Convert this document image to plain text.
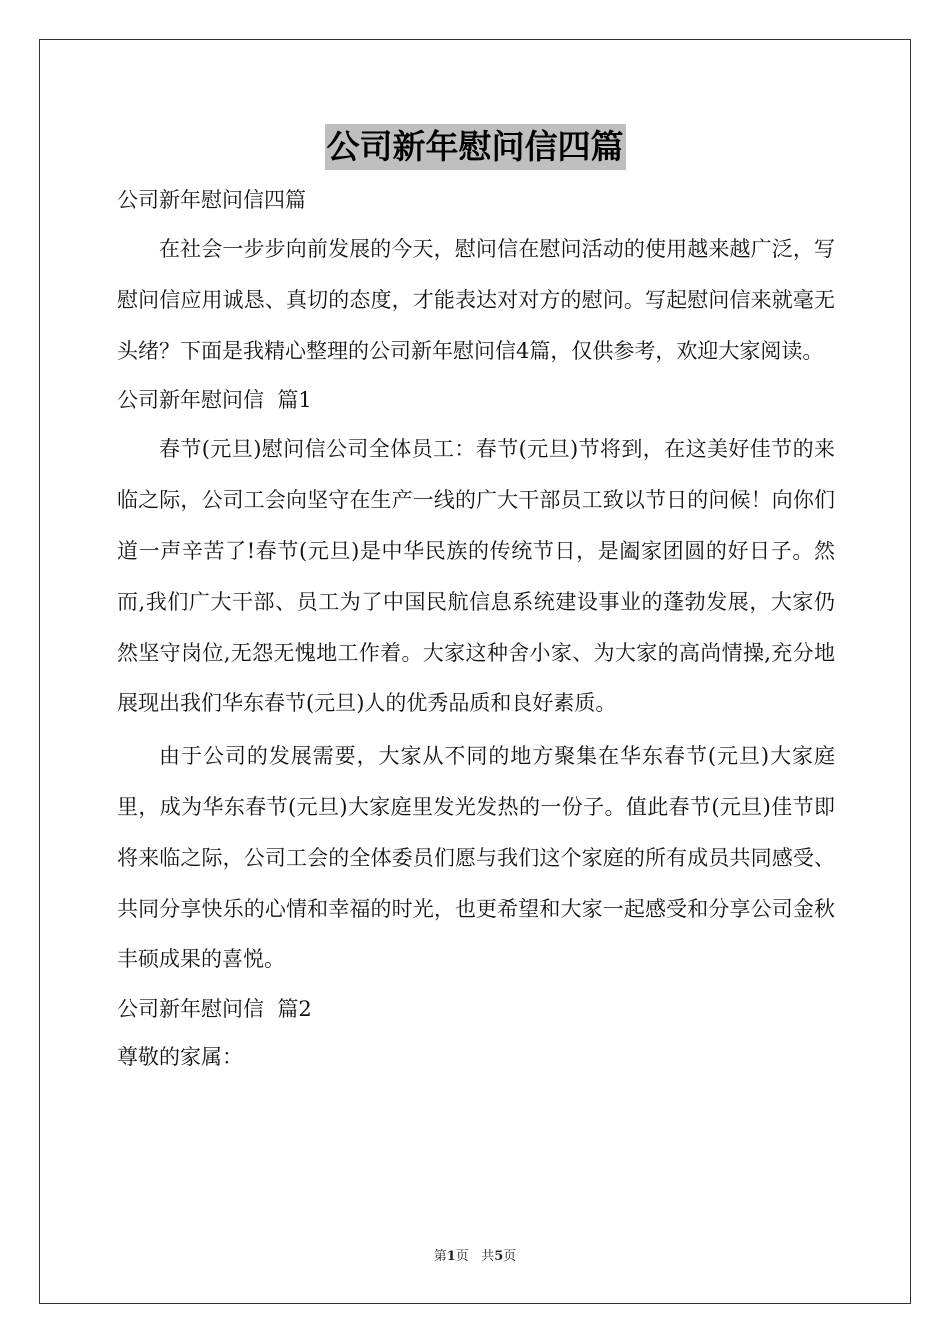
公司新年慰问信四篇
公司新年慰问信四篇

在社会一步步向前发展的今天，慰问信在慰问活动的使用越来越广泛，写慰问信应用诚恳、真切的态度，才能表达对对方的慰问。写起慰问信来就毫无头绪？下面是我精心整理的公司新年慰问信4篇，仅供参考，欢迎大家阅读。

公司新年慰问信  篇1

春节(元旦)慰问信公司全体员工：春节(元旦)节将到，在这美好佳节的来临之际，公司工会向坚守在生产一线的广大干部员工致以节日的问候！向你们道一声辛苦了!春节(元旦)是中华民族的传统节日，是阖家团圆的好日子。然而,我们广大干部、员工为了中国民航信息系统建设事业的蓬勃发展，大家仍然坚守岗位,无怨无愧地工作着。大家这种舍小家、为大家的高尚情操,充分地展现出我们华东春节(元旦)人的优秀品质和良好素质。

由于公司的发展需要，大家从不同的地方聚集在华东春节(元旦)大家庭里，成为华东春节(元旦)大家庭里发光发热的一份子。值此春节(元旦)佳节即将来临之际，公司工会的全体委员们愿与我们这个家庭的所有成员共同感受、共同分享快乐的心情和幸福的时光，也更希望和大家一起感受和分享公司金秋丰硕成果的喜悦。

公司新年慰问信  篇2
尊敬的家属：
第1页 共5页
